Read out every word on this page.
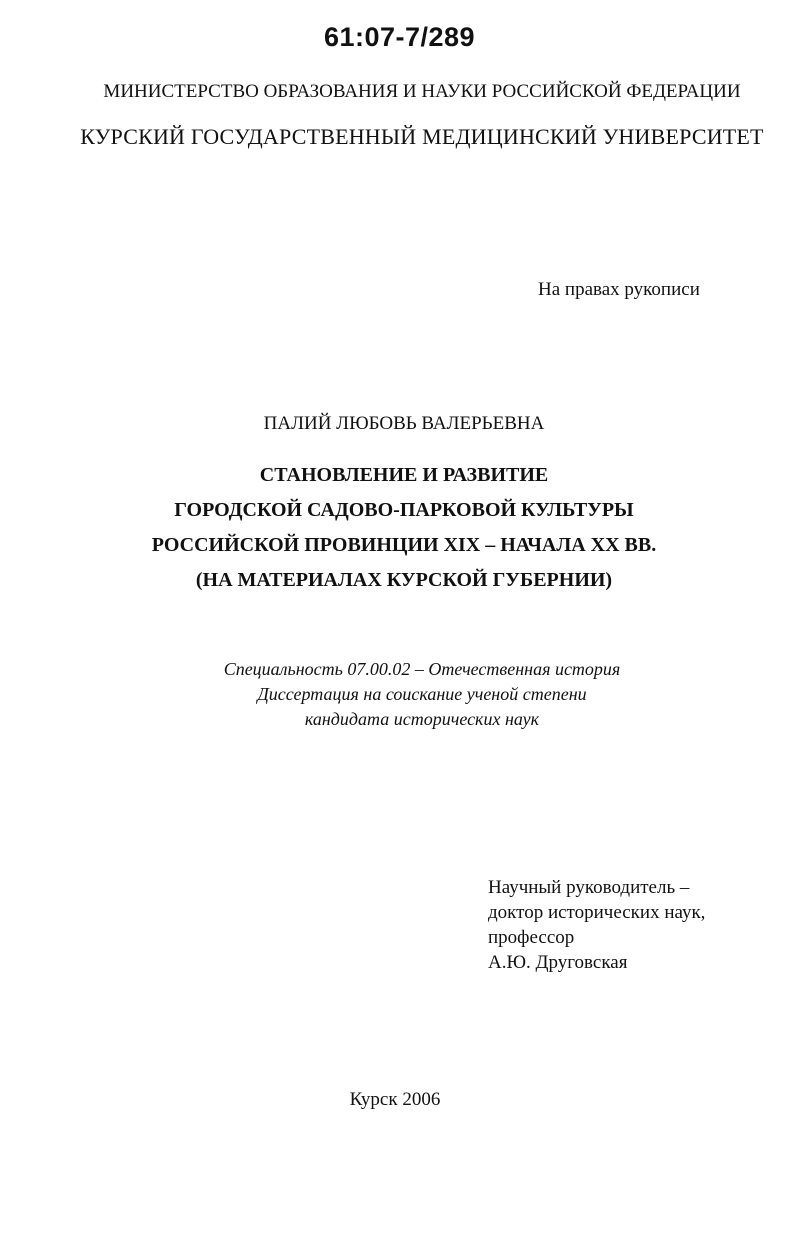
61:07-7/289
МИНИСТЕРСТВО ОБРАЗОВАНИЯ И НАУКИ РОССИЙСКОЙ ФЕДЕРАЦИИ
КУРСКИЙ ГОСУДАРСТВЕННЫЙ МЕДИЦИНСКИЙ УНИВЕРСИТЕТ
На правах рукописи
ПАЛИЙ ЛЮБОВЬ ВАЛЕРЬЕВНА
СТАНОВЛЕНИЕ И РАЗВИТИЕ
ГОРОДСКОЙ САДОВО-ПАРКОВОЙ КУЛЬТУРЫ
РОССИЙСКОЙ ПРОВИНЦИИ XIX – НАЧАЛА XX ВВ.
(НА МАТЕРИАЛАХ КУРСКОЙ ГУБЕРНИИ)
Специальность 07.00.02 – Отечественная история
Диссертация на соискание ученой степени
кандидата исторических наук
Научный руководитель –
доктор исторических наук,
профессор
А.Ю. Друговская
Курск 2006
